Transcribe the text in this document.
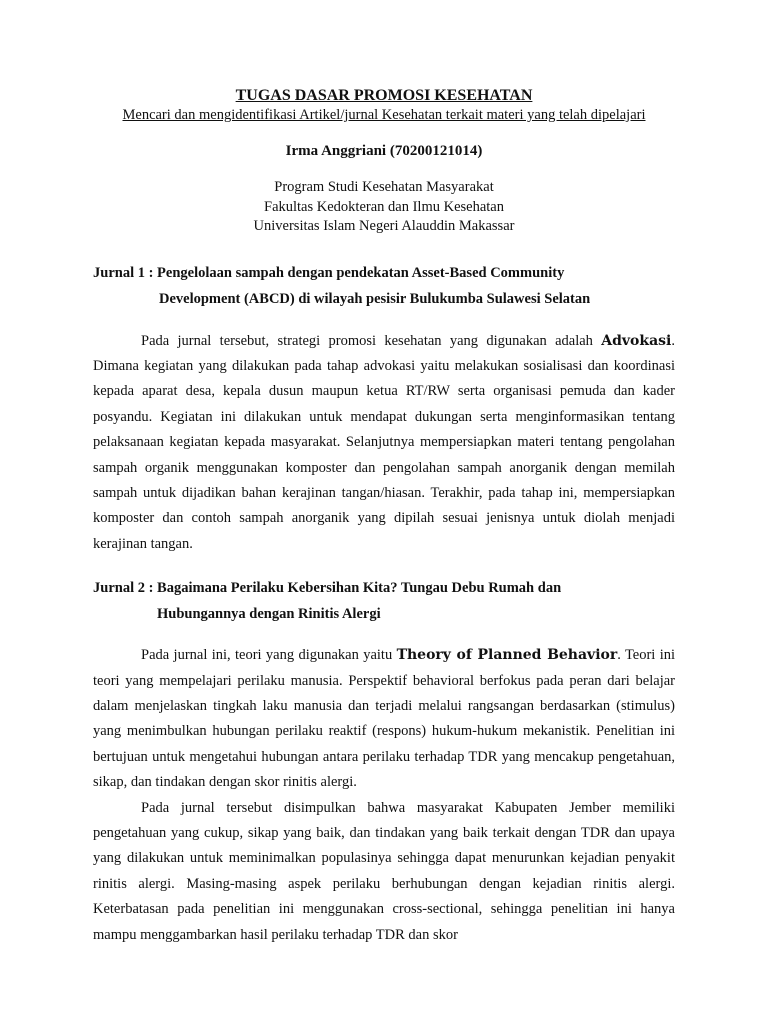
TUGAS DASAR PROMOSI KESEHATAN
Mencari dan mengidentifikasi Artikel/jurnal Kesehatan terkait materi yang telah dipelajari
Irma Anggriani (70200121014)
Program Studi Kesehatan Masyarakat
Fakultas Kedokteran dan Ilmu Kesehatan
Universitas Islam Negeri Alauddin Makassar
Jurnal 1 : Pengelolaan sampah dengan pendekatan Asset-Based Community
Development (ABCD) di wilayah pesisir Bulukumba Sulawesi Selatan

Pada jurnal tersebut, strategi promosi kesehatan yang digunakan adalah Advokasi. Dimana kegiatan yang dilakukan pada tahap advokasi yaitu melakukan sosialisasi dan koordinasi kepada aparat desa, kepala dusun maupun ketua RT/RW serta organisasi pemuda dan kader posyandu. Kegiatan ini dilakukan untuk mendapat dukungan serta menginformasikan tentang pelaksanaan kegiatan kepada masyarakat. Selanjutnya mempersiapkan materi tentang pengolahan sampah organik menggunakan komposter dan pengolahan sampah anorganik dengan memilah sampah untuk dijadikan bahan kerajinan tangan/hiasan. Terakhir, pada tahap ini, mempersiapkan komposter dan contoh sampah anorganik yang dipilah sesuai jenisnya untuk diolah menjadi kerajinan tangan.

Jurnal 2 : Bagaimana Perilaku Kebersihan Kita? Tungau Debu Rumah dan
Hubungannya dengan Rinitis Alergi

Pada jurnal ini, teori yang digunakan yaitu Theory of Planned Behavior. Teori ini teori yang mempelajari perilaku manusia. Perspektif behavioral berfokus pada peran dari belajar dalam menjelaskan tingkah laku manusia dan terjadi melalui rangsangan berdasarkan (stimulus) yang menimbulkan hubungan perilaku reaktif (respons) hukum-hukum mekanistik. Penelitian ini bertujuan untuk mengetahui hubungan antara perilaku terhadap TDR yang mencakup pengetahuan, sikap, dan tindakan dengan skor rinitis alergi.

Pada jurnal tersebut disimpulkan bahwa masyarakat Kabupaten Jember memiliki pengetahuan yang cukup, sikap yang baik, dan tindakan yang baik terkait dengan TDR dan upaya yang dilakukan untuk meminimalkan populasinya sehingga dapat menurunkan kejadian penyakit rinitis alergi. Masing-masing aspek perilaku berhubungan dengan kejadian rinitis alergi. Keterbatasan pada penelitian ini menggunakan cross-sectional, sehingga penelitian ini hanya mampu menggambarkan hasil perilaku terhadap TDR dan skor
